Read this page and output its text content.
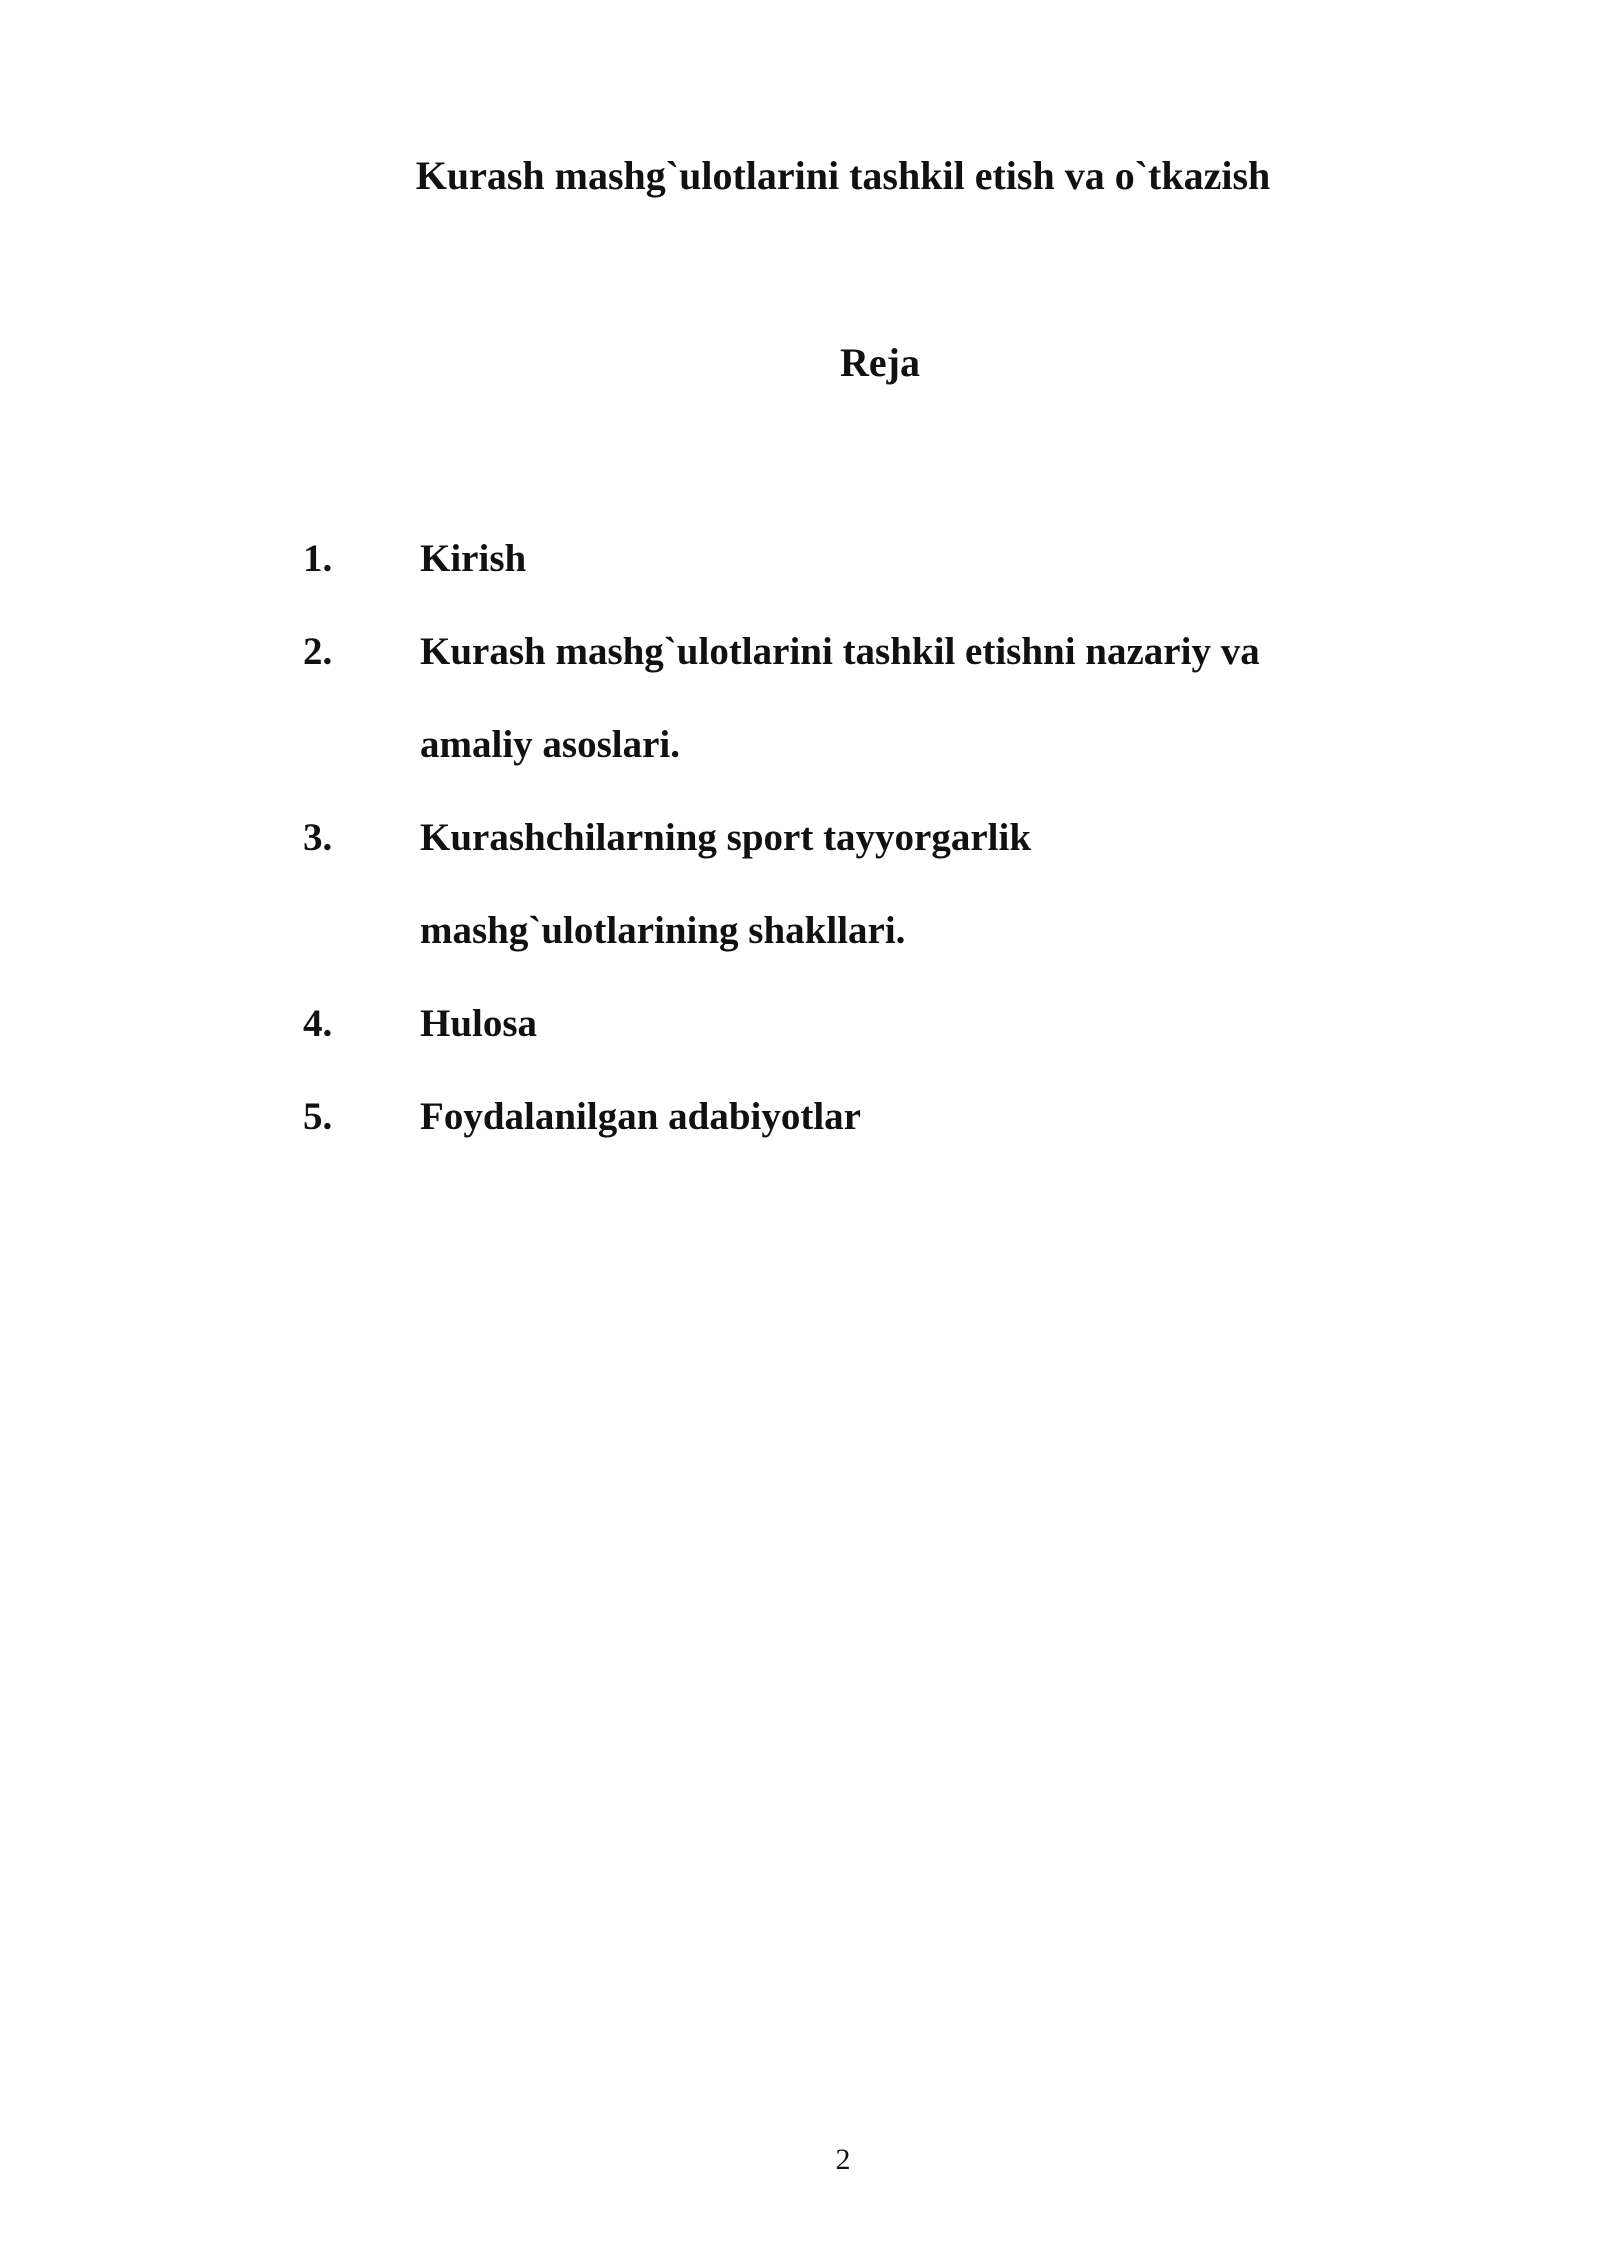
Kurash mashg`ulotlarini tashkil etish va o`tkazish
Reja
1.	Kirish
2.	Kurash mashg`ulotlarini tashkil etishni nazariy va amaliy asoslari.
3.	Kurashchilarning sport tayyorgarlik mashg`ulotlarining shakllari.
4.	Hulosa
5.	Foydalanilgan adabiyotlar
2
